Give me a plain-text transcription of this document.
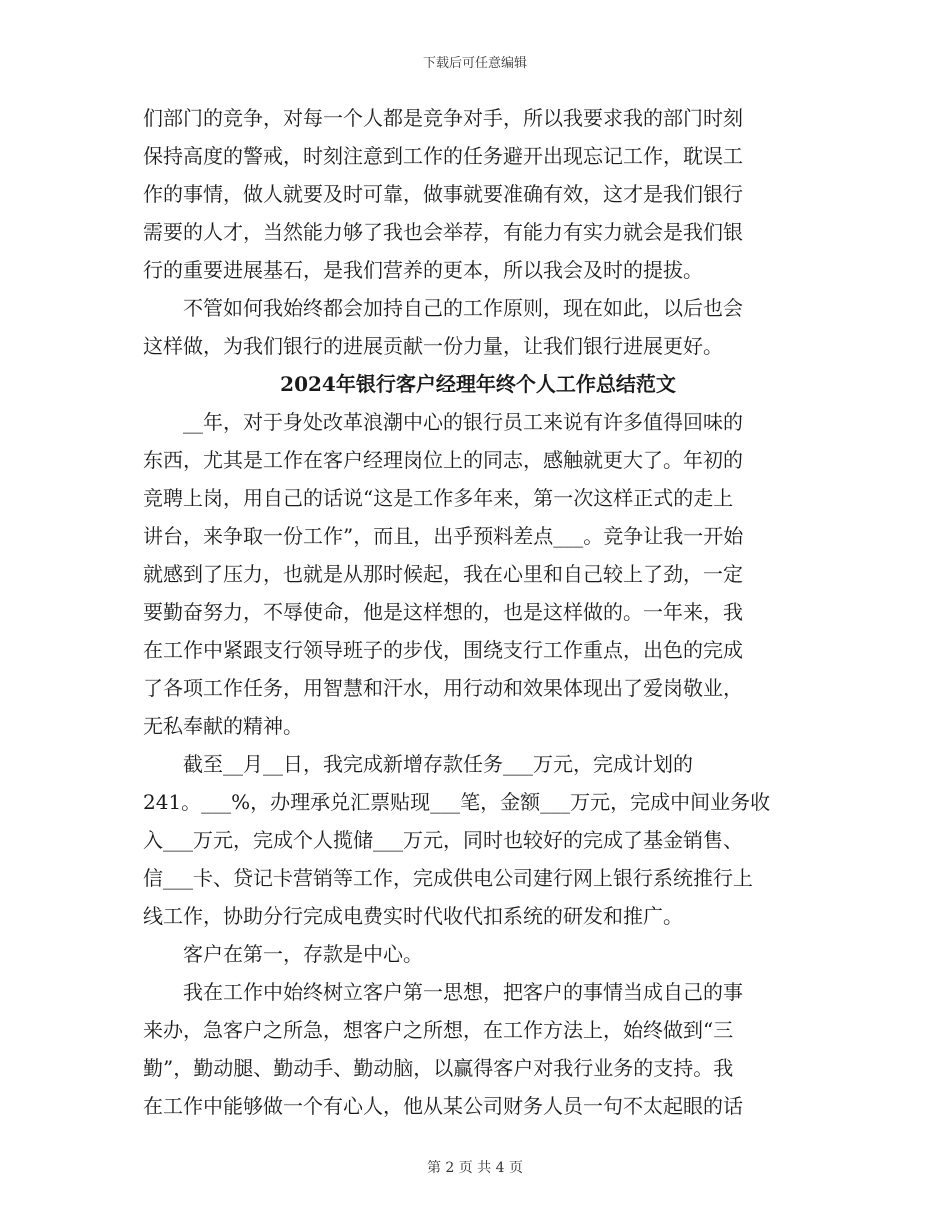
下载后可任意编辑
们部门的竞争，对每一个人都是竞争对手，所以我要求我的部门时刻
保持高度的警戒，时刻注意到工作的任务避开出现忘记工作，耽误工
作的事情，做人就要及时可靠，做事就要准确有效，这才是我们银行
需要的人才，当然能力够了我也会举荐，有能力有实力就会是我们银
行的重要进展基石，是我们营养的更本，所以我会及时的提拔。
不管如何我始终都会加持自己的工作原则，现在如此，以后也会
这样做，为我们银行的进展贡献一份力量，让我们银行进展更好。
2024年银行客户经理年终个人工作总结范文
__年，对于身处改革浪潮中心的银行员工来说有许多值得回味的
东西，尤其是工作在客户经理岗位上的同志，感触就更大了。年初的
竞聘上岗，用自己的话说“这是工作多年来，第一次这样正式的走上
讲台，来争取一份工作”，而且，出乎预料差点___。竞争让我一开始
就感到了压力，也就是从那时候起，我在心里和自己较上了劲，一定
要勤奋努力，不辱使命，他是这样想的，也是这样做的。一年来，我
在工作中紧跟支行领导班子的步伐，围绕支行工作重点，出色的完成
了各项工作任务，用智慧和汗水，用行动和效果体现出了爱岗敬业，
无私奉献的精神。
截至__月__日，我完成新增存款任务___万元，完成计划的
241。___%，办理承兑汇票贴现___笔，金额___万元，完成中间业务收
入___万元，完成个人揽储___万元，同时也较好的完成了基金销售、
信___卡、贷记卡营销等工作，完成供电公司建行网上银行系统推行上
线工作，协助分行完成电费实时代收代扣系统的研发和推广。
客户在第一，存款是中心。
我在工作中始终树立客户第一思想，把客户的事情当成自己的事
来办，急客户之所急，想客户之所想，在工作方法上，始终做到“三
勤”，勤动腿、勤动手、勤动脑，以赢得客户对我行业务的支持。我
在工作中能够做一个有心人，他从某公司财务人员一句不太起眼的话
第 2 页 共 4 页
